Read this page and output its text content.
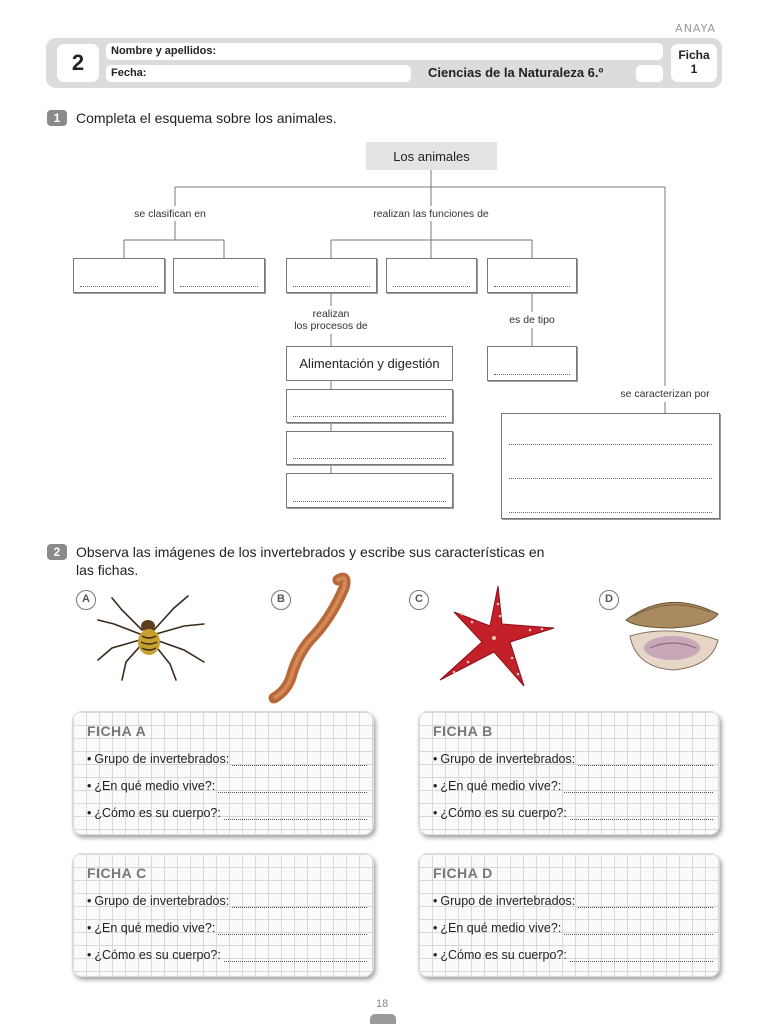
ANAYA
2	Nombre y apellidos:
Fecha:	Ciencias de la Naturaleza 6.º
Ficha
1
1	Completa el esquema sobre los animales.
Los animales
se clasifican en	realizan las funciones de
realizan
los procesos de	es de tipo
se caracterizan por
Alimentación y digestión
2	Observa las imágenes de los invertebrados y escribe sus características en
las fichas.
A	B	C	D
FICHA A
• Grupo de invertebrados:
• ¿En qué medio vive?:
• ¿Cómo es su cuerpo?:
FICHA B
• Grupo de invertebrados:
• ¿En qué medio vive?:
• ¿Cómo es su cuerpo?:
FICHA C
• Grupo de invertebrados:
• ¿En qué medio vive?:
• ¿Cómo es su cuerpo?:
FICHA D
• Grupo de invertebrados:
• ¿En qué medio vive?:
• ¿Cómo es su cuerpo?:
18
